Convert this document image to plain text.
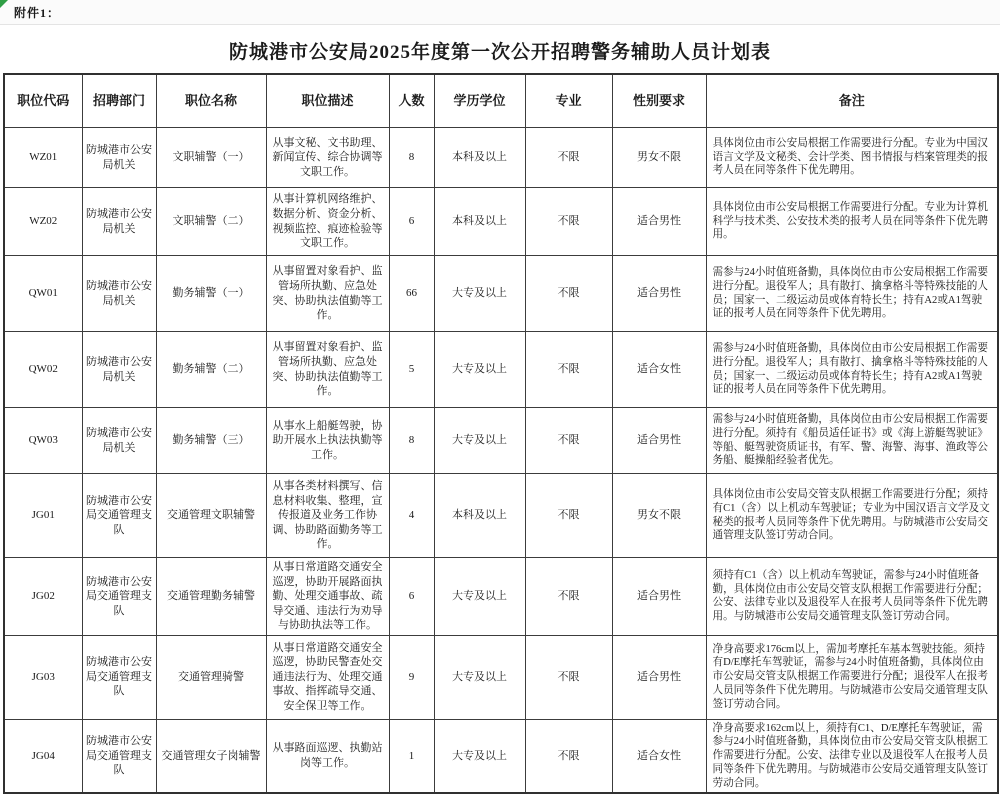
附件1：
防城港市公安局2025年度第一次公开招聘警务辅助人员计划表
职位代码	招聘部门	职位名称	职位描述	人数	学历学位	专业	性别要求	备注
WZ01	防城港市公安局机关	文职辅警（一）	从事文秘、文书助理、新闻宣传、综合协调等文职工作。	8	本科及以上	不限	男女不限	具体岗位由市公安局根据工作需要进行分配。专业为中国汉语言文学及文秘类、会计学类、图书情报与档案管理类的报考人员在同等条件下优先聘用。
WZ02	防城港市公安局机关	文职辅警（二）	从事计算机网络维护、数据分析、资金分析、视频监控、痕迹检验等文职工作。	6	本科及以上	不限	适合男性	具体岗位由市公安局根据工作需要进行分配。专业为计算机科学与技术类、公安技术类的报考人员在同等条件下优先聘用。
QW01	防城港市公安局机关	勤务辅警（一）	从事留置对象看护、监管场所执勤、应急处突、协助执法值勤等工作。	66	大专及以上	不限	适合男性	需参与24小时值班备勤，具体岗位由市公安局根据工作需要进行分配。退役军人；具有散打、擒拿格斗等特殊技能的人员；国家一、二级运动员或体育特长生；持有A2或A1驾驶证的报考人员在同等条件下优先聘用。
QW02	防城港市公安局机关	勤务辅警（二）	从事留置对象看护、监管场所执勤、应急处突、协助执法值勤等工作。	5	大专及以上	不限	适合女性	需参与24小时值班备勤，具体岗位由市公安局根据工作需要进行分配。退役军人；具有散打、擒拿格斗等特殊技能的人员；国家一、二级运动员或体育特长生；持有A2或A1驾驶证的报考人员在同等条件下优先聘用。
QW03	防城港市公安局机关	勤务辅警（三）	从事水上船艇驾驶，协助开展水上执法执勤等工作。	8	大专及以上	不限	适合男性	需参与24小时值班备勤，具体岗位由市公安局根据工作需要进行分配。须持有《船员适任证书》或《海上游艇驾驶证》等船、艇驾驶资质证书，有军、警、海警、海事、渔政等公务船、艇操船经验者优先。
JG01	防城港市公安局交通管理支队	交通管理文职辅警	从事各类材料撰写、信息材料收集、整理，宣传报道及业务工作协调、协助路面勤务等工作。	4	本科及以上	不限	男女不限	具体岗位由市公安局交管支队根据工作需要进行分配；须持有C1（含）以上机动车驾驶证；专业为中国汉语言文学及文秘类的报考人员同等条件下优先聘用。与防城港市公安局交通管理支队签订劳动合同。
JG02	防城港市公安局交通管理支队	交通管理勤务辅警	从事日常道路交通安全巡逻，协助开展路面执勤、处理交通事故、疏导交通、违法行为劝导与协助执法等工作。	6	大专及以上	不限	适合男性	须持有C1（含）以上机动车驾驶证，需参与24小时值班备勤，具体岗位由市公安局交管支队根据工作需要进行分配；公安、法律专业以及退役军人在报考人员同等条件下优先聘用。与防城港市公安局交通管理支队签订劳动合同。
JG03	防城港市公安局交通管理支队	交通管理骑警	从事日常道路交通安全巡逻，协助民警查处交通违法行为、处理交通事故、指挥疏导交通、安全保卫等工作。	9	大专及以上	不限	适合男性	净身高要求176cm以上，需加考摩托车基本驾驶技能。须持有D/E摩托车驾驶证，需参与24小时值班备勤，具体岗位由市公安局交管支队根据工作需要进行分配；退役军人在报考人员同等条件下优先聘用。与防城港市公安局交通管理支队签订劳动合同。
JG04	防城港市公安局交通管理支队	交通管理女子岗辅警	从事路面巡逻、执勤站岗等工作。	1	大专及以上	不限	适合女性	净身高要求162cm以上，须持有C1、D/E摩托车驾驶证，需参与24小时值班备勤，具体岗位由市公安局交管支队根据工作需要进行分配。公安、法律专业以及退役军人在报考人员同等条件下优先聘用。与防城港市公安局交通管理支队签订劳动合同。
